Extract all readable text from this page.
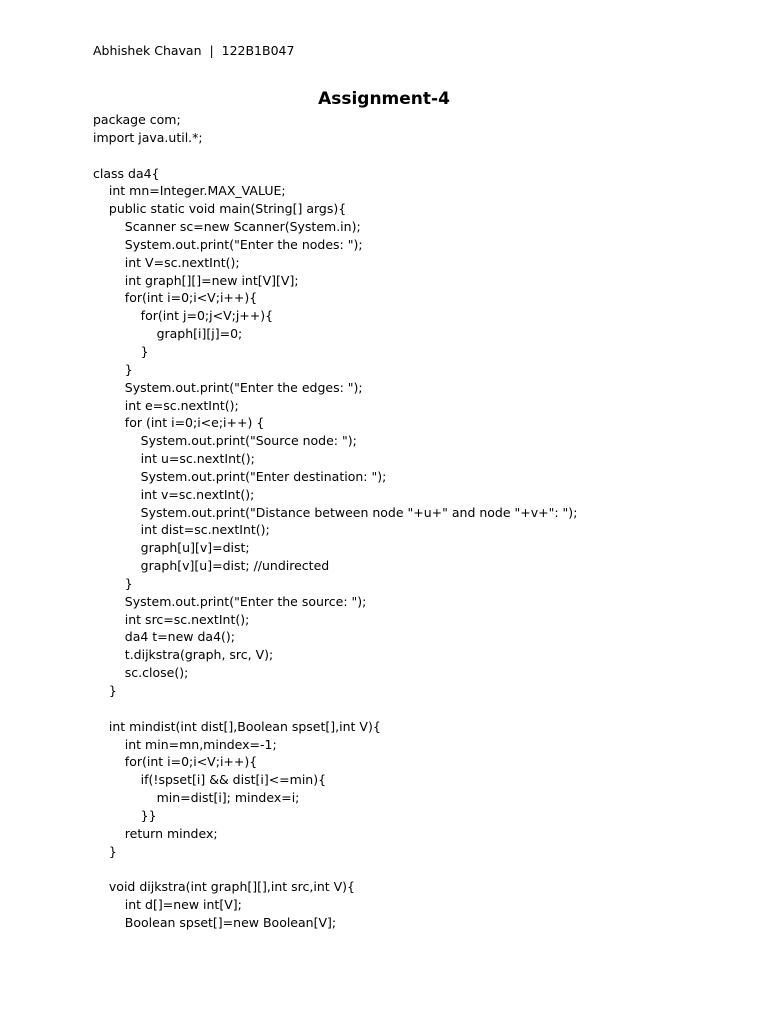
Abhishek Chavan  |  122B1B047
Assignment-4
package com;
import java.util.*;
class da4{
int mn=Integer.MAX_VALUE;
public static void main(String[] args){
Scanner sc=new Scanner(System.in);
System.out.print("Enter the nodes: ");
int V=sc.nextInt();
int graph[][]=new int[V][V];
for(int i=0;i<V;i++){
for(int j=0;j<V;j++){
graph[i][j]=0;
}
}
System.out.print("Enter the edges: ");
int e=sc.nextInt();
for (int i=0;i<e;i++) {
System.out.print("Source node: ");
int u=sc.nextInt();
System.out.print("Enter destination: ");
int v=sc.nextInt();
System.out.print("Distance between node "+u+" and node "+v+": ");
int dist=sc.nextInt();
graph[u][v]=dist;
graph[v][u]=dist; //undirected
}
System.out.print("Enter the source: ");
int src=sc.nextInt();
da4 t=new da4();
t.dijkstra(graph, src, V);
sc.close();
}
int mindist(int dist[],Boolean spset[],int V){
int min=mn,mindex=-1;
for(int i=0;i<V;i++){
if(!spset[i] && dist[i]<=min){
min=dist[i]; mindex=i;
}}
return mindex;
}
void dijkstra(int graph[][],int src,int V){
int d[]=new int[V];
Boolean spset[]=new Boolean[V];
